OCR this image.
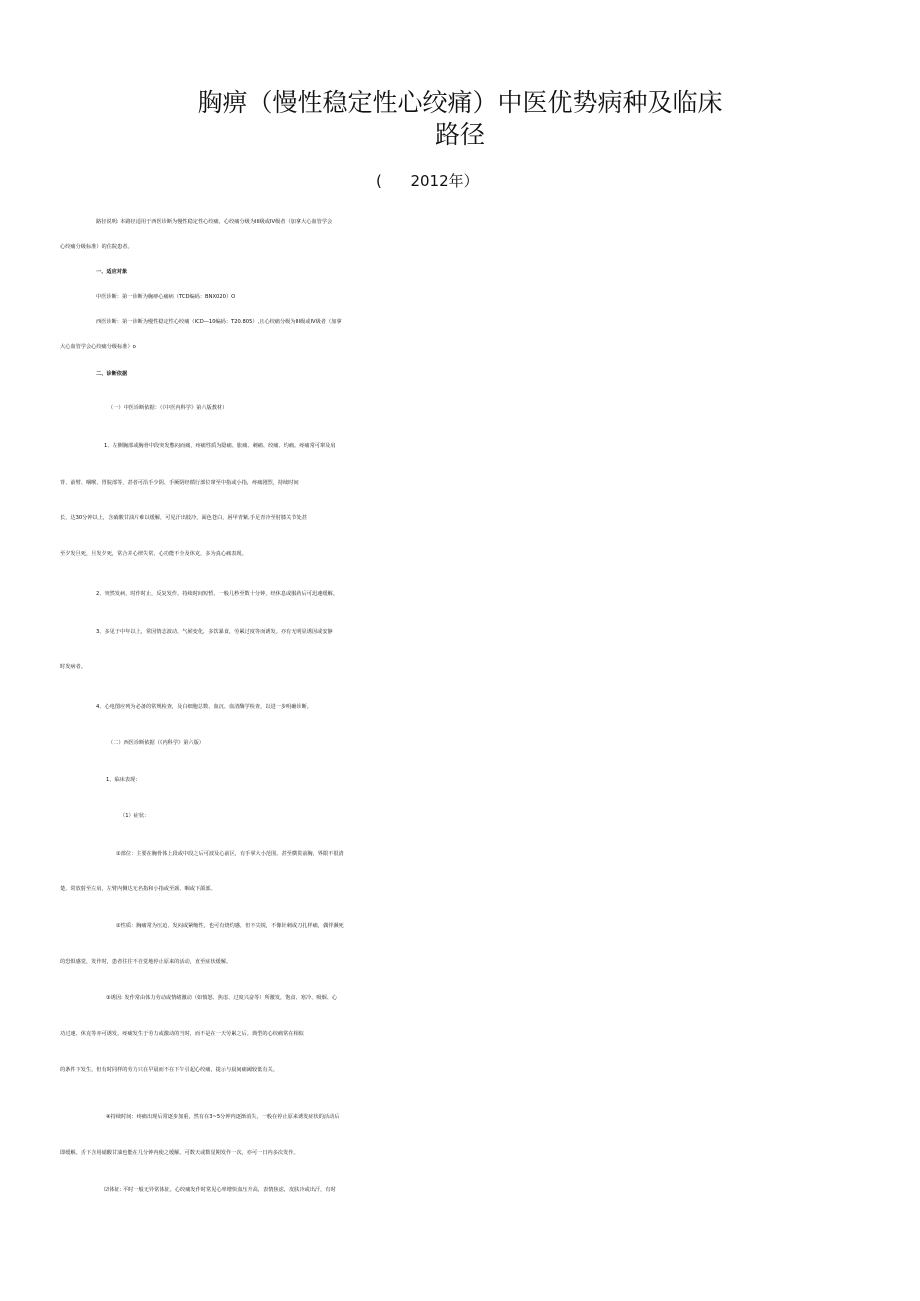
胸痹（慢性稳定性心绞痛）中医优势病种及临床
路径
(      2012年）
路径说明: 本路径适用于西医诊断为慢性稳定性心绞痛，心绞痛分级为III级或IV级者（加拿大心血管学会
心绞痛分级标准）的住院患者。
一、适应对象
中医诊断：第一诊断为胸痹心痛病（TCD编码：BNX020）O
西医诊断：第一诊断为慢性稳定性心绞痛（ICD—10编码：T20.805）,且心绞痛分级为III级或IV级者（加拿
大心血管学会心绞痛分级标准）o
二、诊断依据
（一）中医诊断依据：（《中医内科学》第六版教材）
1、左侧胸部或胸骨中段突发憋闷而痛，疼痛性质为隐痛、胀痛、刺痛、绞痛、灼痛。疼痛常可窜及肩
背、前臂、咽喉、胃脘部等，甚者可沿手少阴、手厥阴经循行部位窜至中指或小指，疼痛剧烈，持续时间
长，达30分钟以上，含硝酸甘油片难以缓解，可见汗出肢冷，面色苍白，唇甲青紫,手足青冷至肘膝关节处甚
至夕发旦死，旦发夕死，常合并心律失常，心功能不全及休克，多为真心痛表现。
2、突然发病，时作时止，反复发作。持续时间短暂，一般几秒至数十分钟，经休息或服药后可迅速缓解。
3、多见于中年以上，常因情志波动，气候变化，多饮暴食，劳累过度等而诱发。亦有无明显诱因或安静
时发病者。
4、心电图应列为必备的常规检查，及白细胞总数、血沉、血清酶学检查，以进一步明确诊断。
（二）西医诊断依据（《内科学》第六版）
1、临床表现：
（1）症状：
①部位：主要在胸骨体上段或中段之后可波及心前区，有手掌大小范围，甚至横贯前胸，界限不很清
楚。常放射至左肩，左臂内侧达无名指和小指或至颈、咽或下颌部。
②性质：胸痛常为压迫、发闷或紧缩性，也可有烧灼感，但不尖锐，不像针刺或刀扎样痛，偶伴濒死
的恐惧感觉，发作时，患者往往不自觉地停止原来的活动，直至症状缓解。
③诱因: 发作常由体力劳动或情绪激动（如愤怒、焦虑、过度兴奋等）所激发，饱食、寒冷、吸烟、心
功过速、休克等亦可诱发。疼痛发生于劳力或激动的当时，而不是在一天劳累之后。典型的心绞痛常在相似
的条件下发生，但有时同样的劳力只在早晨而不在下午引起心绞痛，提示与晨间痛阈较低有关。
④持续时间：疼痛出现后常逐步加重，然有在3~5分钟内逐渐消失，一般在停止原来诱发症状的活动后
即缓解。舌下含用硝酸甘油也能在几分钟内使之缓解。可数天或数星期发作一次，亦可一日内多次发作。
⑵体征: 平时一般无异常体征。心绞痛发作时常见心率增快血压升高，表情焦虑，皮肤冷或出汗，有时
